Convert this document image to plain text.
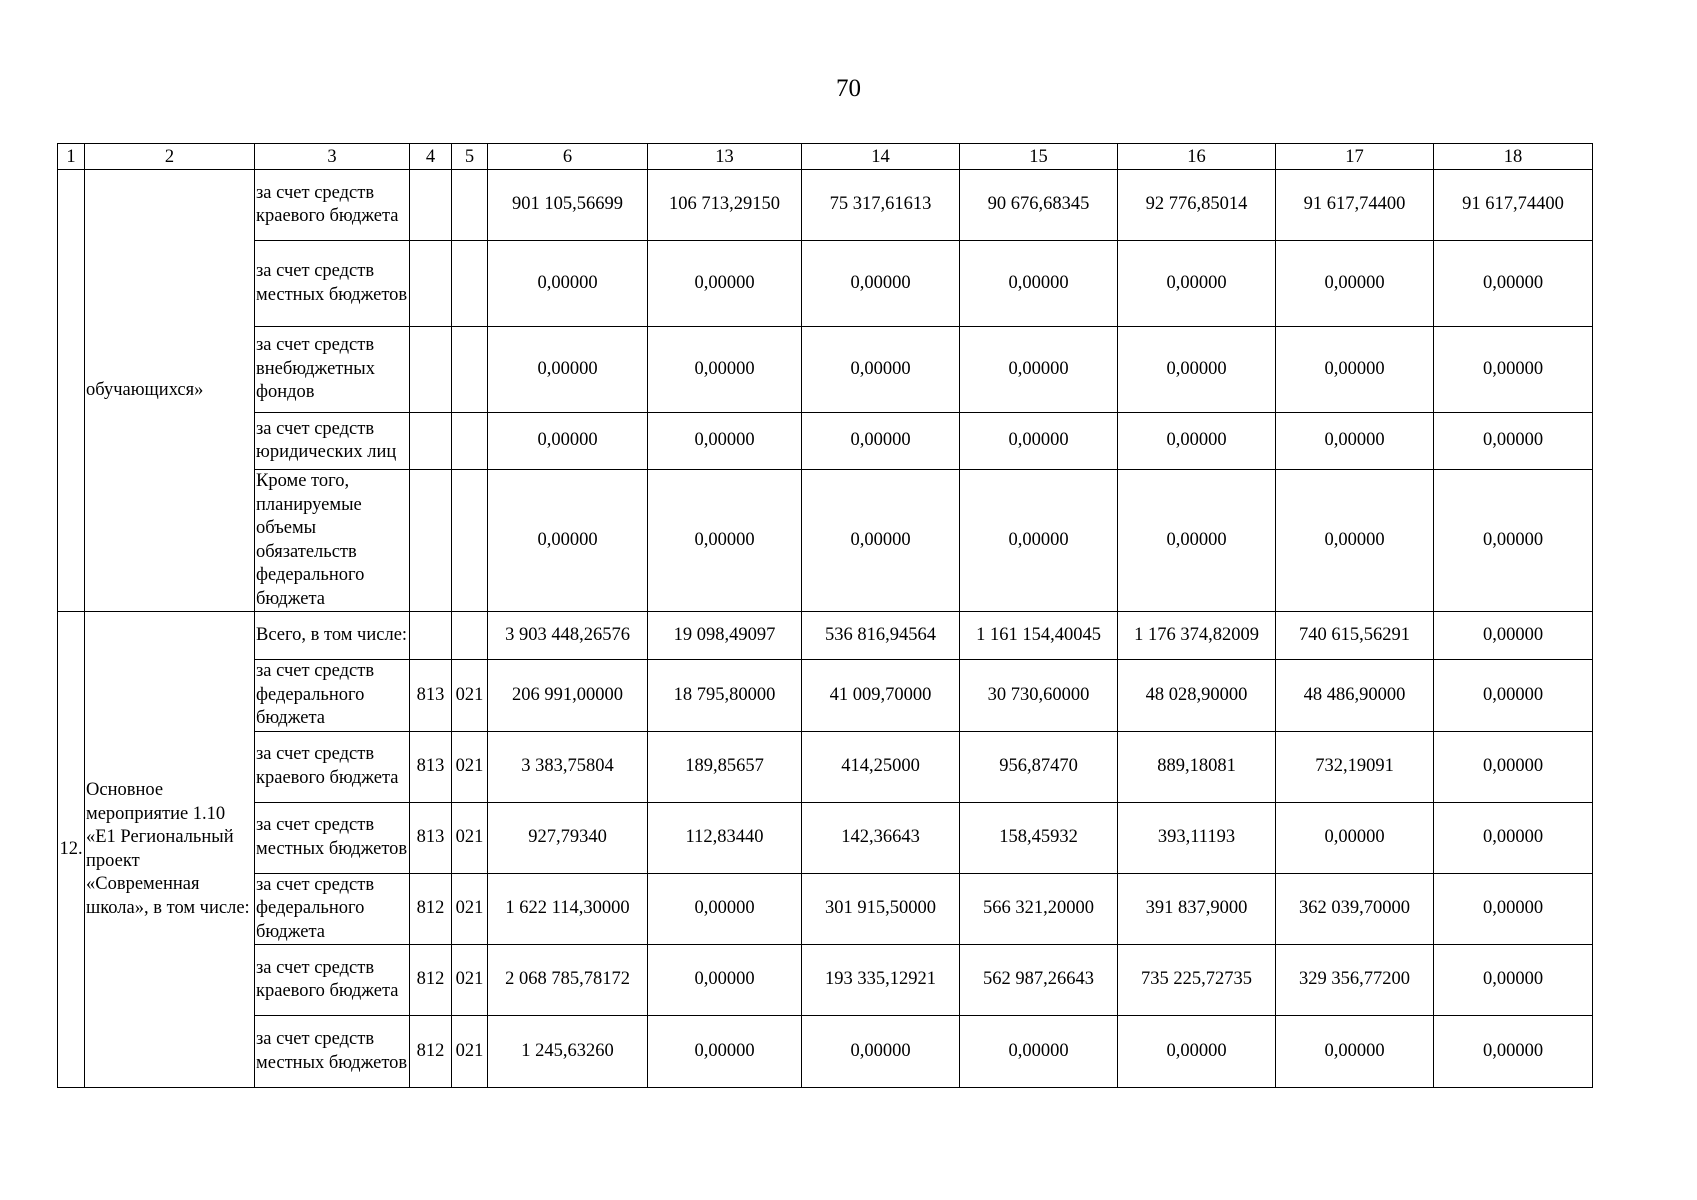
70
1	2	3	4	5	6	13	14	15	16	17	18
	обучающихся»	за счет средств краевого бюджета			901 105,56699	106 713,29150	75 317,61613	90 676,68345	92 776,85014	91 617,74400	91 617,74400
		за счет средств местных бюджетов			0,00000	0,00000	0,00000	0,00000	0,00000	0,00000	0,00000
		за счет средств внебюджетных фондов			0,00000	0,00000	0,00000	0,00000	0,00000	0,00000	0,00000
		за счет средств юридических лиц			0,00000	0,00000	0,00000	0,00000	0,00000	0,00000	0,00000
		Кроме того, планируемые объемы обязательств федерального бюджета			0,00000	0,00000	0,00000	0,00000	0,00000	0,00000	0,00000
12.	Основное мероприятие 1.10 «Е1 Региональный проект «Современная школа», в том числе:	Всего, в том числе:			3 903 448,26576	19 098,49097	536 816,94564	1 161 154,40045	1 176 374,82009	740 615,56291	0,00000
		за счет средств федерального бюджета	813	021	206 991,00000	18 795,80000	41 009,70000	30 730,60000	48 028,90000	48 486,90000	0,00000
		за счет средств краевого бюджета	813	021	3 383,75804	189,85657	414,25000	956,87470	889,18081	732,19091	0,00000
		за счет средств местных бюджетов	813	021	927,79340	112,83440	142,36643	158,45932	393,11193	0,00000	0,00000
		за счет средств федерального бюджета	812	021	1 622 114,30000	0,00000	301 915,50000	566 321,20000	391 837,9000	362 039,70000	0,00000
		за счет средств краевого бюджета	812	021	2 068 785,78172	0,00000	193 335,12921	562 987,26643	735 225,72735	329 356,77200	0,00000
		за счет средств местных бюджетов	812	021	1 245,63260	0,00000	0,00000	0,00000	0,00000	0,00000	0,00000
